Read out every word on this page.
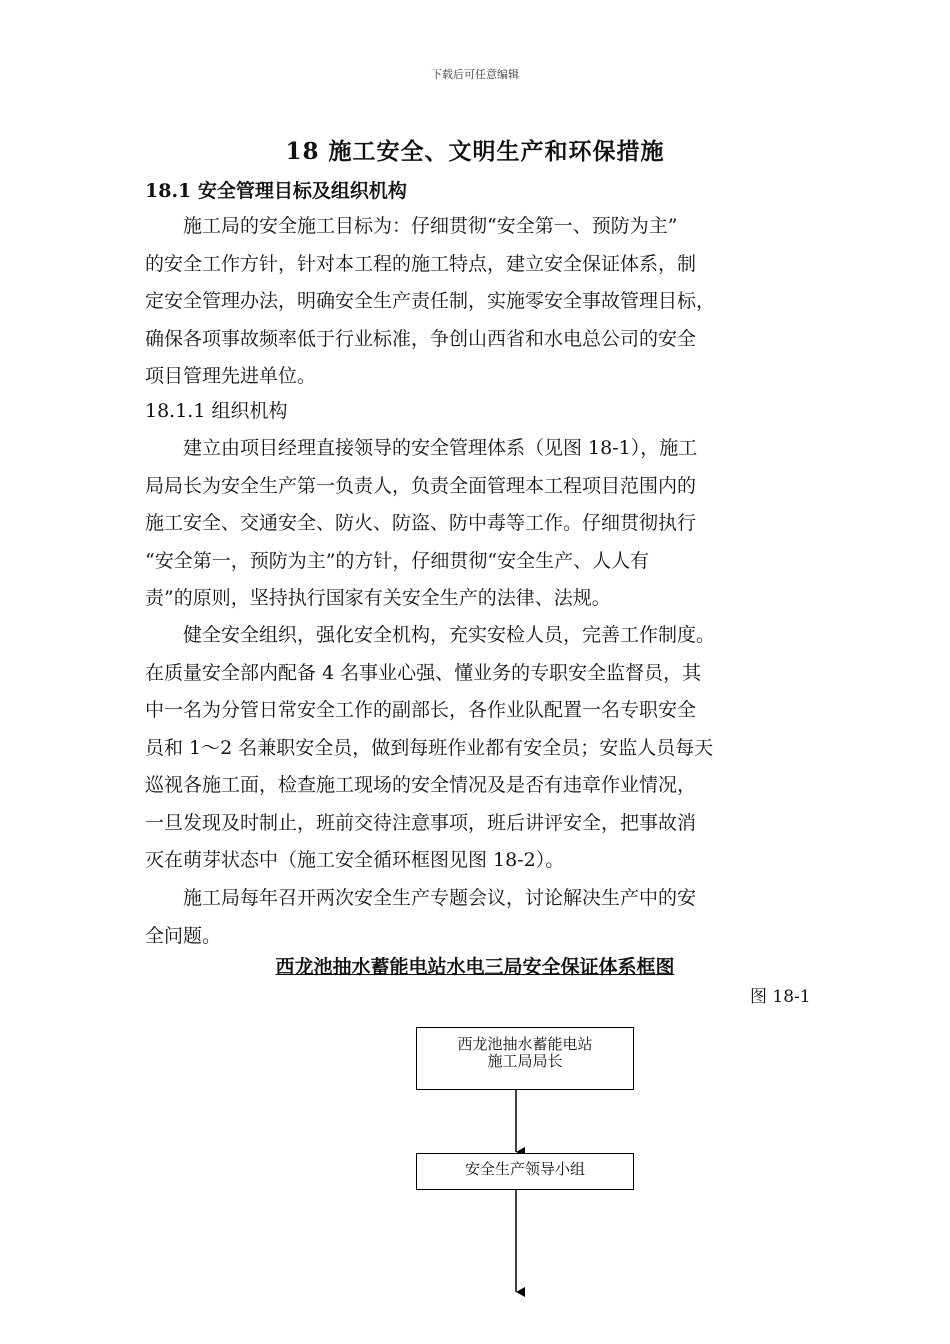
下载后可任意编辑
18 施工安全、文明生产和环保措施
18.1 安全管理目标及组织机构
　　施工局的安全施工目标为：仔细贯彻“安全第一、预防为主”
的安全工作方针，针对本工程的施工特点，建立安全保证体系，制
定安全管理办法，明确安全生产责任制，实施零安全事故管理目标，
确保各项事故频率低于行业标准，争创山西省和水电总公司的安全
项目管理先进单位。
18.1.1 组织机构
　　建立由项目经理直接领导的安全管理体系（见图 18-1），施工
局局长为安全生产第一负责人，负责全面管理本工程项目范围内的
施工安全、交通安全、防火、防盗、防中毒等工作。仔细贯彻执行
“安全第一，预防为主”的方针，仔细贯彻“安全生产、人人有
责”的原则，坚持执行国家有关安全生产的法律、法规。
　　健全安全组织，强化安全机构，充实安检人员，完善工作制度。
在质量安全部内配备 4 名事业心强、懂业务的专职安全监督员，其
中一名为分管日常安全工作的副部长，各作业队配置一名专职安全
员和 1～2 名兼职安全员，做到每班作业都有安全员；安监人员每天
巡视各施工面，检查施工现场的安全情况及是否有违章作业情况，
一旦发现及时制止，班前交待注意事项，班后讲评安全，把事故消
灭在萌芽状态中（施工安全循环框图见图 18-2）。
　　施工局每年召开两次安全生产专题会议，讨论解决生产中的安
全问题。
西龙池抽水蓄能电站水电三局安全保证体系框图
图 18-1
西龙池抽水蓄能电站
施工局局长
安全生产领导小组
